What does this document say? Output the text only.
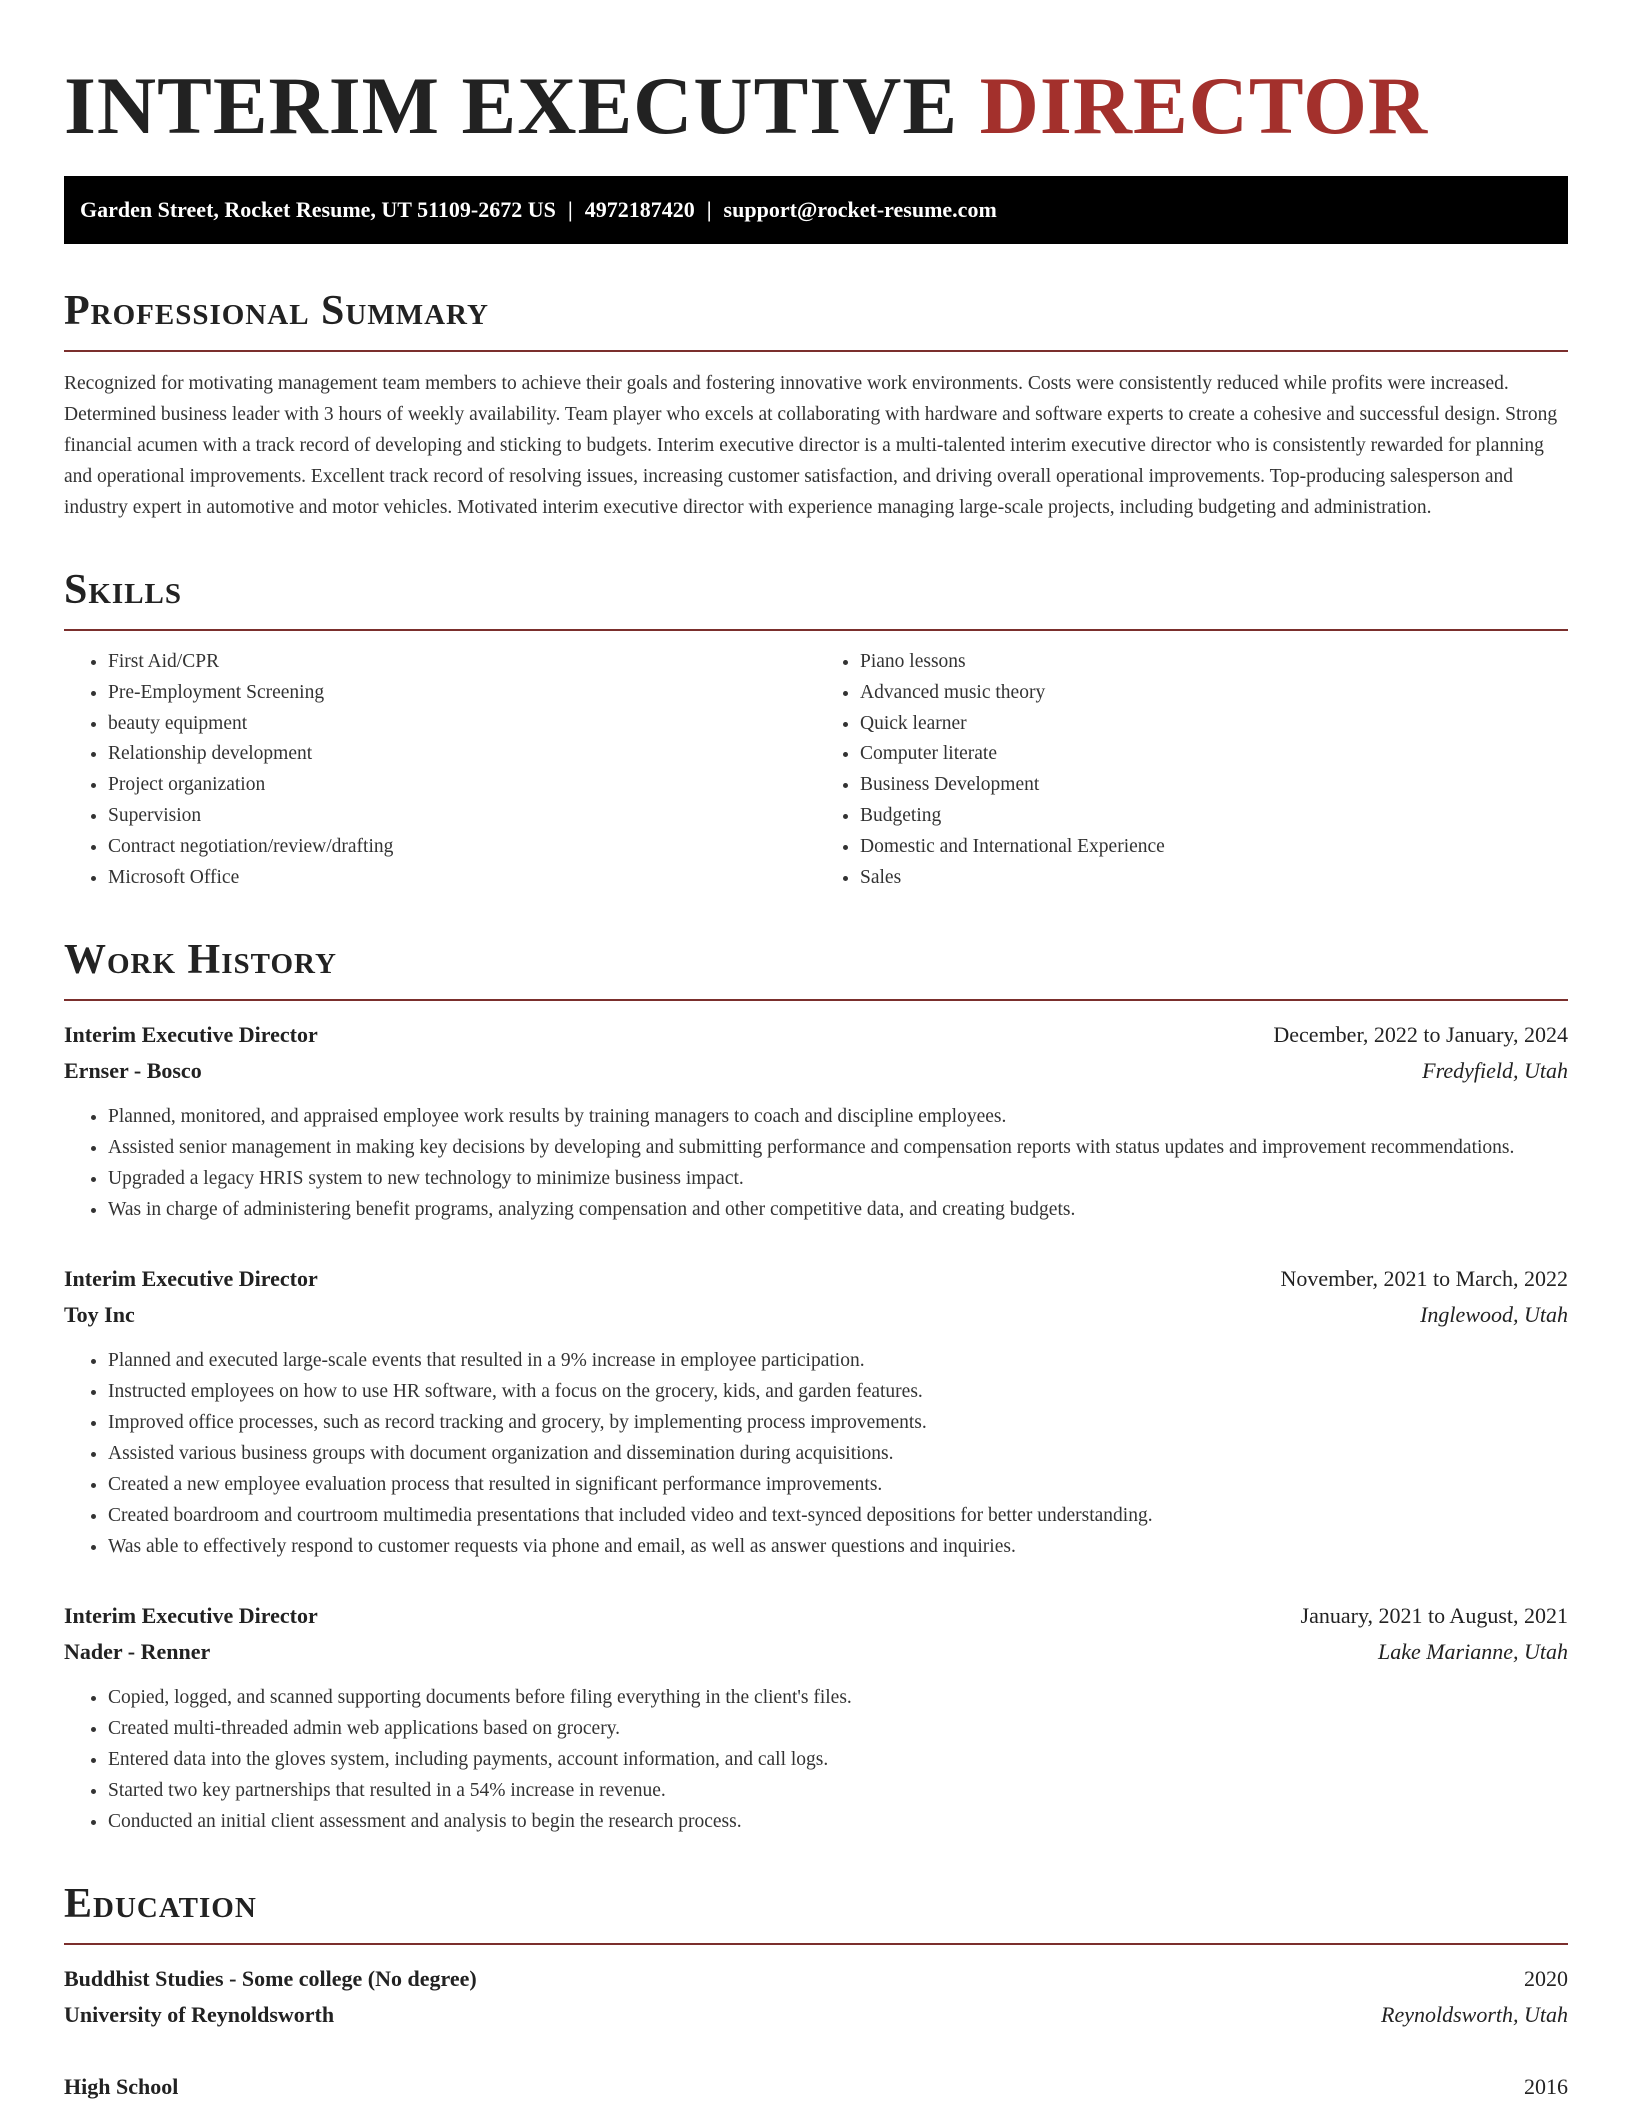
INTERIM EXECUTIVE DIRECTOR
Garden Street, Rocket Resume, UT 51109-2672 US | 4972187420 | support@rocket-resume.com
Professional Summary

Recognized for motivating management team members to achieve their goals and fostering innovative work environments. Costs were consistently reduced while profits were increased. Determined business leader with 3 hours of weekly availability. Team player who excels at collaborating with hardware and software experts to create a cohesive and successful design. Strong financial acumen with a track record of developing and sticking to budgets. Interim executive director is a multi-talented interim executive director who is consistently rewarded for planning and operational improvements. Excellent track record of resolving issues, increasing customer satisfaction, and driving overall operational improvements. Top-producing salesperson and industry expert in automotive and motor vehicles. Motivated interim executive director with experience managing large-scale projects, including budgeting and administration.

Skills
• First Aid/CPR
• Pre-Employment Screening
• beauty equipment
• Relationship development
• Project organization
• Supervision
• Contract negotiation/review/drafting
• Microsoft Office
• Piano lessons
• Advanced music theory
• Quick learner
• Computer literate
• Business Development
• Budgeting
• Domestic and International Experience
• Sales
Work History
Interim Executive Director	December, 2022 to January, 2024
Ernser - Bosco	Fredyfield, Utah
• Planned, monitored, and appraised employee work results by training managers to coach and discipline employees.
• Assisted senior management in making key decisions by developing and submitting performance and compensation reports with status updates and improvement recommendations.
• Upgraded a legacy HRIS system to new technology to minimize business impact.
• Was in charge of administering benefit programs, analyzing compensation and other competitive data, and creating budgets.
Interim Executive Director	November, 2021 to March, 2022
Toy Inc	Inglewood, Utah
• Planned and executed large-scale events that resulted in a 9% increase in employee participation.
• Instructed employees on how to use HR software, with a focus on the grocery, kids, and garden features.
• Improved office processes, such as record tracking and grocery, by implementing process improvements.
• Assisted various business groups with document organization and dissemination during acquisitions.
• Created a new employee evaluation process that resulted in significant performance improvements.
• Created boardroom and courtroom multimedia presentations that included video and text-synced depositions for better understanding.
• Was able to effectively respond to customer requests via phone and email, as well as answer questions and inquiries.
Interim Executive Director	January, 2021 to August, 2021
Nader - Renner	Lake Marianne, Utah
• Copied, logged, and scanned supporting documents before filing everything in the client's files.
• Created multi-threaded admin web applications based on grocery.
• Entered data into the gloves system, including payments, account information, and call logs.
• Started two key partnerships that resulted in a 54% increase in revenue.
• Conducted an initial client assessment and analysis to begin the research process.
Education
Buddhist Studies - Some college (No degree)	2020
University of Reynoldsworth	Reynoldsworth, Utah
High School	2016
